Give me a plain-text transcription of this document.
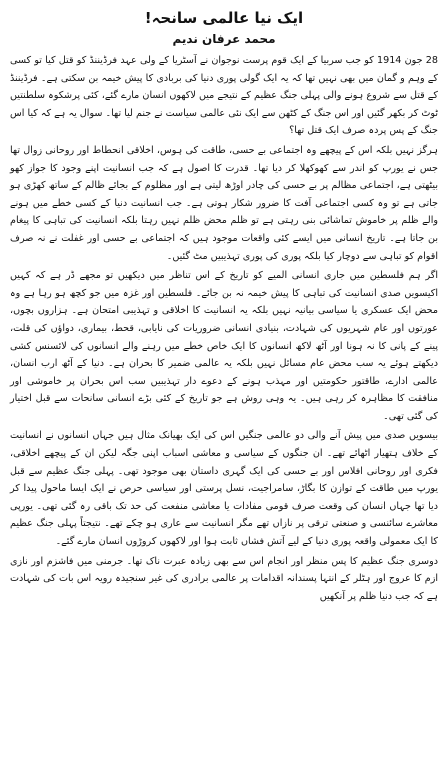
ایک نیا عالمی سانحہ!
محمد عرفان ندیم

28 جون 1914 کو جب سربیا کے ایک قوم پرست نوجوان نے آسٹریا کے ولی عہد فرڈیننڈ کو قتل کیا تو کسی کے وہم و گمان میں بھی نہیں تھا کہ یہ ایک گولی پوری دنیا کی بربادی کا پیش خیمہ بن سکتی ہے۔ فرڈیننڈ کے قتل سے شروع ہونے والی پہلی جنگ عظیم کے نتیجے میں لاکھوں انسان مارے گئے، کئی پرشکوہ سلطنتیں ٹوٹ کر بکھر گئیں اور اس جنگ کے کٹھن سے ایک نئی عالمی سیاست نے جنم لیا تھا۔ سوال یہ ہے کہ کیا اس جنگ کے پس پردہ صرف ایک قتل تھا؟

ہرگز نہیں بلکہ اس کے پیچھے وہ اجتماعی بے حسی، طاقت کی ہوس، اخلاقی انحطاط اور روحانی زوال تھا جس نے یورپ کو اندر سے کھوکھلا کر دیا تھا۔ قدرت کا اصول ہے کہ جب انسانیت اپنے وجود کا جواز کھو بیٹھتی ہے، اجتماعی مظالم پر بے حسی کی چادر اوڑھ لیتی ہے اور مظلوم کے بجائے ظالم کے ساتھ کھڑی ہو جاتی ہے تو وہ کسی اجتماعی آفت کا ضرور شکار ہوتی ہے۔ جب انسانیت دنیا کے کسی خطے میں ہونے والے ظلم پر خاموش تماشائی بنی رہتی ہے تو ظلم محض ظلم نہیں رہتا بلکہ انسانیت کی تباہی کا پیغام بن جاتا ہے۔ تاریخ انسانی میں ایسے کئی واقعات موجود ہیں کہ اجتماعی بے حسی اور غفلت نے نہ صرف اقوام کو تباہی سے دوچار کیا بلکہ پوری کی پوری تہذیبیں مٹ گئیں۔

اگر ہم فلسطین میں جاری انسانی المیے کو تاریخ کے اس تناظر میں دیکھیں تو مجھے ڈر ہے کہ کہیں اکیسویں صدی انسانیت کی تباہی کا پیش خیمہ نہ بن جائے۔ فلسطین اور غزہ میں جو کچھ ہو رہا ہے وہ محض ایک عسکری یا سیاسی بیانیہ نہیں بلکہ یہ انسانیت کا اخلاقی و تہذیبی امتحان ہے۔ ہزاروں بچوں، عورتوں اور عام شہریوں کی شہادت، بنیادی انسانی ضروریات کی نایابی، قحط، بیماری، دواؤں کی قلت، پینے کے پانی کا نہ ہونا اور آٹھ لاکھ انسانوں کا ایک خاص خطے میں رہنے والے انسانوں کی لائسنس کشی دیکھتے ہوئے یہ سب محض عام مسائل نہیں بلکہ یہ عالمی ضمیر کا بحران ہے۔ دنیا کے آٹھ ارب انسان، عالمی ادارے، طاقتور حکومتیں اور مہذب ہونے کے دعوے دار تہذیبیں سب اس بحران پر خاموشی اور منافقت کا مظاہرہ کر رہی ہیں۔ یہ وہی روش ہے جو تاریخ کے کئی بڑے انسانی سانحات سے قبل اختیار کی گئی تھی۔

بیسویں صدی میں پیش آنے والی دو عالمی جنگیں اس کی ایک بھیانک مثال ہیں جہاں انسانوں نے انسانیت کے خلاف ہتھیار اٹھائے تھے۔ ان جنگوں کے سیاسی و معاشی اسباب اپنی جگہ لیکن ان کے پیچھے اخلاقی، فکری اور روحانی افلاس اور بے حسی کی ایک گہری داستان بھی موجود تھی۔ پہلی جنگ عظیم سے قبل یورپ میں طاقت کے توازن کا بگاڑ، سامراجیت، نسل پرستی اور سیاسی حرص نے ایک ایسا ماحول پیدا کر دیا تھا جہاں انسان کی وقعت صرف قومی مفادات یا معاشی منفعت کی حد تک باقی رہ گئی تھی۔ یورپی معاشرے سائنسی و صنعتی ترقی پر نازاں تھے مگر انسانیت سے عاری ہو چکے تھے۔ نتیجتاً پہلی جنگ عظیم کا ایک معمولی واقعہ پوری دنیا کے لیے آتش فشاں ثابت ہوا اور لاکھوں کروڑوں انسان مارے گئے۔

دوسری جنگ عظیم کا پس منظر اور انجام اس سے بھی زیادہ عبرت ناک تھا۔ جرمنی میں فاشزم اور نازی ازم کا عروج اور ہٹلر کے انتہا پسندانہ اقدامات پر عالمی برادری کی غیر سنجیدہ رویہ اس بات کی شہادت ہے کہ جب دنیا ظلم پر آنکھیں
